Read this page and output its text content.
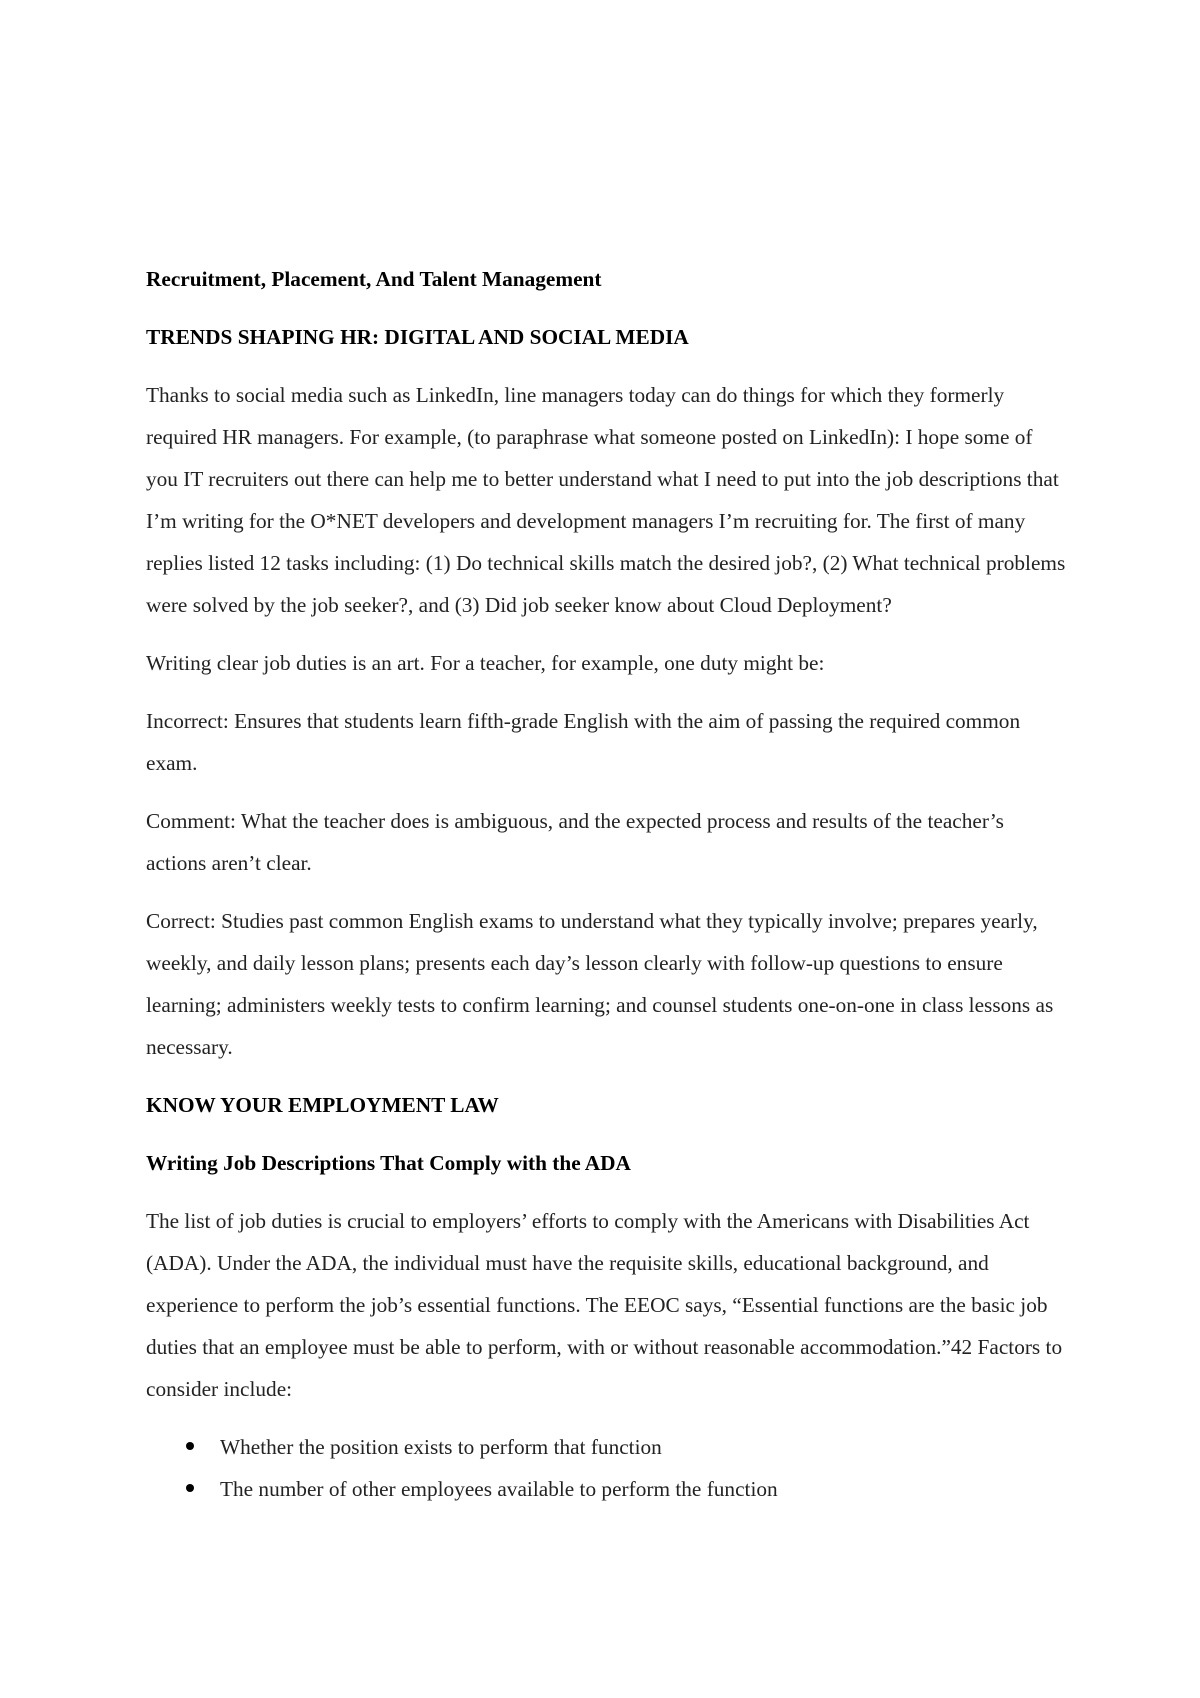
Recruitment, Placement, And Talent Management

TRENDS SHAPING HR: DIGITAL AND SOCIAL MEDIA

Thanks to social media such as LinkedIn, line managers today can do things for which they formerly required HR managers. For example, (to paraphrase what someone posted on LinkedIn): I hope some of you IT recruiters out there can help me to better understand what I need to put into the job descriptions that I’m writing for the O*NET developers and development managers I’m recruiting for. The first of many replies listed 12 tasks including: (1) Do technical skills match the desired job?, (2) What technical problems were solved by the job seeker?, and (3) Did job seeker know about Cloud Deployment?

Writing clear job duties is an art. For a teacher, for example, one duty might be:

Incorrect: Ensures that students learn fifth-grade English with the aim of passing the required common exam.

Comment: What the teacher does is ambiguous, and the expected process and results of the teacher’s actions aren’t clear.

Correct: Studies past common English exams to understand what they typically involve; prepares yearly, weekly, and daily lesson plans; presents each day’s lesson clearly with follow-up questions to ensure learning; administers weekly tests to confirm learning; and counsel students one-on-one in class lessons as necessary.

KNOW YOUR EMPLOYMENT LAW

Writing Job Descriptions That Comply with the ADA

The list of job duties is crucial to employers’ efforts to comply with the Americans with Disabilities Act (ADA). Under the ADA, the individual must have the requisite skills, educational background, and experience to perform the job’s essential functions. The EEOC says, “Essential functions are the basic job duties that an employee must be able to perform, with or without reasonable accommodation.”42 Factors to consider include:

Whether the position exists to perform that function
The number of other employees available to perform the function
